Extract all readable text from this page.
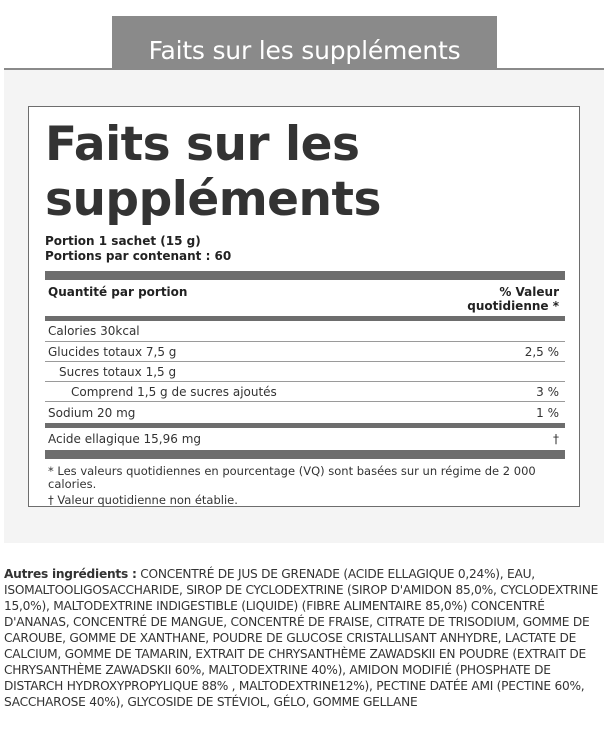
Faits sur les suppléments
Faits sur les
suppléments
Portion 1 sachet (15 g)
Portions par contenant : 60
Quantité par portion	% Valeur
quotidienne *
Calories 30kcal
Glucides totaux 7,5 g	2,5 %
Sucres totaux 1,5 g
Comprend 1,5 g de sucres ajoutés	3 %
Sodium 20 mg	1 %
Acide ellagique 15,96 mg	†
* Les valeurs quotidiennes en pourcentage (VQ) sont basées sur un régime de 2 000 calories.
† Valeur quotidienne non établie.
Autres ingrédients : CONCENTRÉ DE JUS DE GRENADE (ACIDE ELLAGIQUE 0,24%), EAU, ISOMALTOOLIGOSACCHARIDE, SIROP DE CYCLODEXTRINE (SIROP D'AMIDON 85,0%, CYCLODEXTRINE 15,0%), MALTODEXTRINE INDIGESTIBLE (LIQUIDE) (FIBRE ALIMENTAIRE 85,0%) CONCENTRÉ D'ANANAS, CONCENTRÉ DE MANGUE, CONCENTRÉ DE FRAISE, CITRATE DE TRISODIUM, GOMME DE CAROUBE, GOMME DE XANTHANE, POUDRE DE GLUCOSE CRISTALLISANT ANHYDRE, LACTATE DE CALCIUM, GOMME DE TAMARIN, EXTRAIT DE CHRYSANTHÈME ZAWADSKII EN POUDRE (EXTRAIT DE CHRYSANTHÈME ZAWADSKII 60%, MALTODEXTRINE 40%), AMIDON MODIFIÉ (PHOSPHATE DE DISTARCH HYDROXYPROPYLIQUE 88% , MALTODEXTRINE12%), PECTINE DATÉE AMI (PECTINE 60%, SACCHAROSE 40%), GLYCOSIDE DE STÉVIOL, GÉLO, GOMME GELLANE
